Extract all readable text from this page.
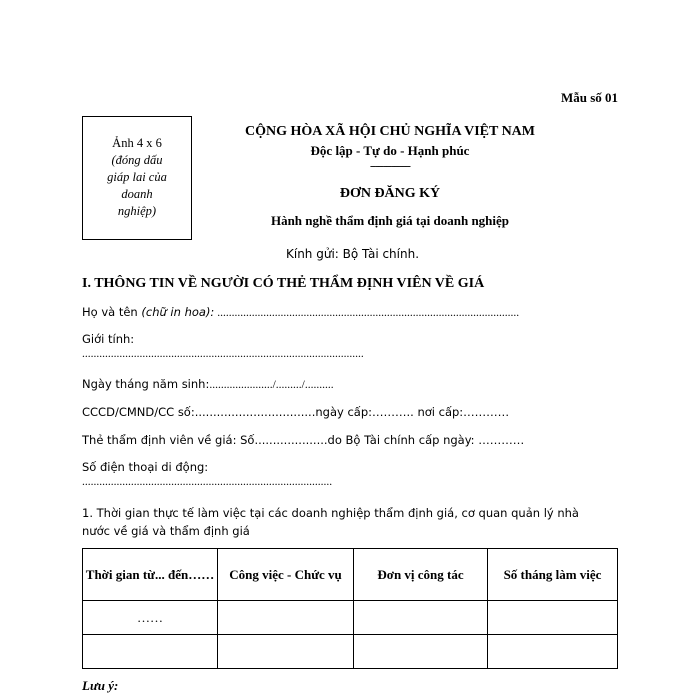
Mẫu số 01
Ảnh 4 x 6
(đóng dấu
giáp lai của
doanh
nghiệp)
CỘNG HÒA XÃ HỘI CHỦ NGHĨA VIỆT NAM
Độc lập - Tự do - Hạnh phúc
---------------
ĐƠN ĐĂNG KÝ
Hành nghề thẩm định giá tại doanh nghiệp
Kính gửi: Bộ Tài chính.
I. THÔNG TIN VỀ NGƯỜI CÓ THẺ THẨM ĐỊNH VIÊN VỀ GIÁ
Họ và tên (chữ in hoa): .........................................................................................................
Giới tính:
..................................................................................................
Ngày tháng năm sinh:....................../........./..........
CCCD/CMND/CC số:.................................ngày cấp:……….. nơi cấp:…………
Thẻ thẩm định viên về giá: Số....................do Bộ Tài chính cấp ngày: …………
Số điện thoại di động:
.......................................................................................
1. Thời gian thực tế làm việc tại các doanh nghiệp thẩm định giá, cơ quan quản lý nhà
nước về giá và thẩm định giá
Thời gian từ... đến……	Công việc - Chức vụ	Đơn vị công tác	Số tháng làm việc
……			

Lưu ý:
